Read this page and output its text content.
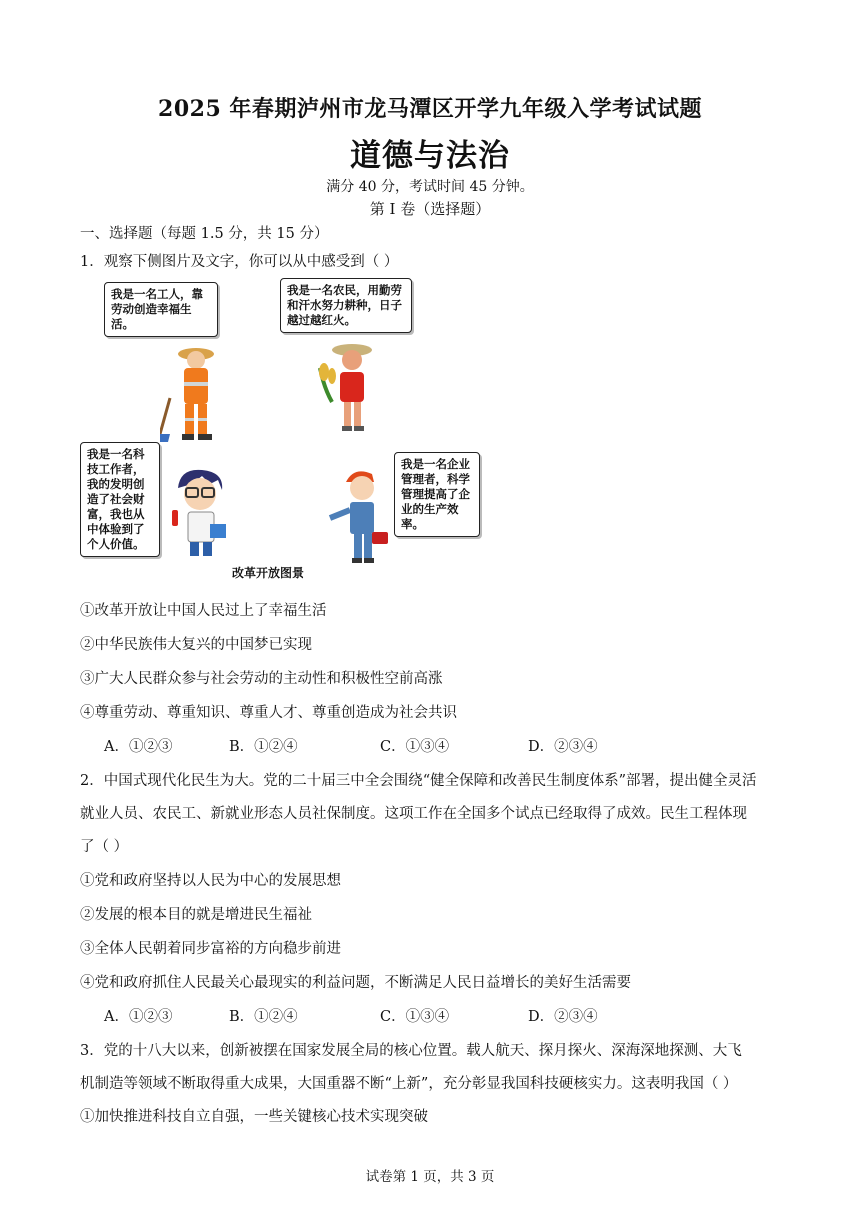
2025 年春期泸州市龙马潭区开学九年级入学考试试题
道德与法治
满分 40 分，考试时间 45 分钟。
第 I 卷（选择题）
一、选择题（每题 1.5 分，共 15 分）
1．观察下侧图片及文字，你可以从中感受到（ ）
我是一名工人，靠劳动创造幸福生活。
我是一名农民，用勤劳和汗水努力耕种，日子越过越红火。
我是一名科技工作者，我的发明创造了社会财富，我也从中体验到了个人价值。
我是一名企业管理者，科学管理提高了企业的生产效率。
改革开放图景
①改革开放让中国人民过上了幸福生活
②中华民族伟大复兴的中国梦已实现
③广大人民群众参与社会劳动的主动性和积极性空前高涨
④尊重劳动、尊重知识、尊重人才、尊重创造成为社会共识
A．①②③	B．①②④	C．①③④	D．②③④
2．中国式现代化民生为大。党的二十届三中全会围绕“健全保障和改善民生制度体系”部署，提出健全灵活
就业人员、农民工、新就业形态人员社保制度。这项工作在全国多个试点已经取得了成效。民生工程体现
了（ ）
①党和政府坚持以人民为中心的发展思想
②发展的根本目的就是增进民生福祉
③全体人民朝着同步富裕的方向稳步前进
④党和政府抓住人民最关心最现实的利益问题，不断满足人民日益增长的美好生活需要
A．①②③	B．①②④	C．①③④	D．②③④
3．党的十八大以来，创新被摆在国家发展全局的核心位置。载人航天、探月探火、深海深地探测、大飞
机制造等领域不断取得重大成果，大国重器不断“上新”，充分彰显我国科技硬核实力。这表明我国（ ）
①加快推进科技自立自强，一些关键核心技术实现突破
试卷第 1 页，共 3 页
